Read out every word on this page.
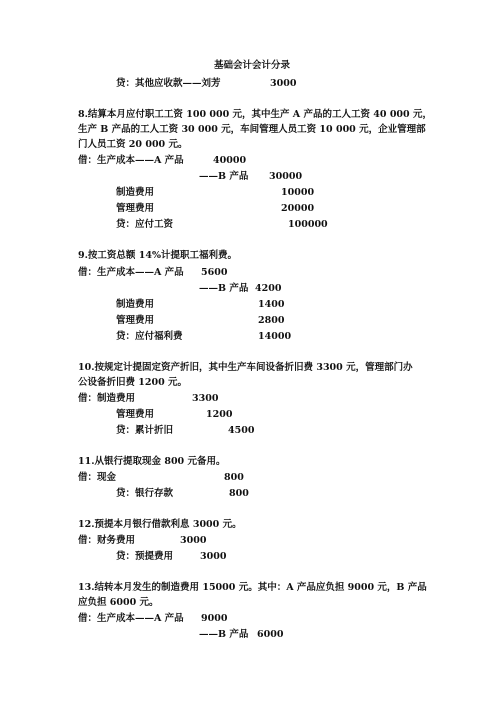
基础会计会计分录
贷：其他应收款——刘芳	3000
8.结算本月应付职工工资 100 000 元，其中生产 A 产品的工人工资 40 000 元，
生产 B 产品的工人工资 30 000 元，车间管理人员工资 10 000 元，企业管理部
门人员工资 20 000 元。
借：生产成本——A 产品	40000
——B 产品 30000
制造费用	10000
管理费用	20000
贷：应付工资	100000
9.按工资总额 14%计提职工福利费。
借：生产成本——A 产品 5600
——B 产品 4200
制造费用	1400
管理费用	2800
贷：应付福利费	14000
10.按规定计提固定资产折旧，其中生产车间设备折旧费 3300 元，管理部门办
公设备折旧费 1200 元。
借：制造费用	3300
管理费用	1200
贷：累计折旧	4500
11.从银行提取现金 800 元备用。
借：现金	800
贷：银行存款	800
12.预提本月银行借款利息 3000 元。
借：财务费用	3000
贷：预提费用	3000
13.结转本月发生的制造费用 15000 元。其中：A 产品应负担 9000 元，B 产品
应负担 6000 元。
借：生产成本——A 产品 9000
——B 产品 6000
